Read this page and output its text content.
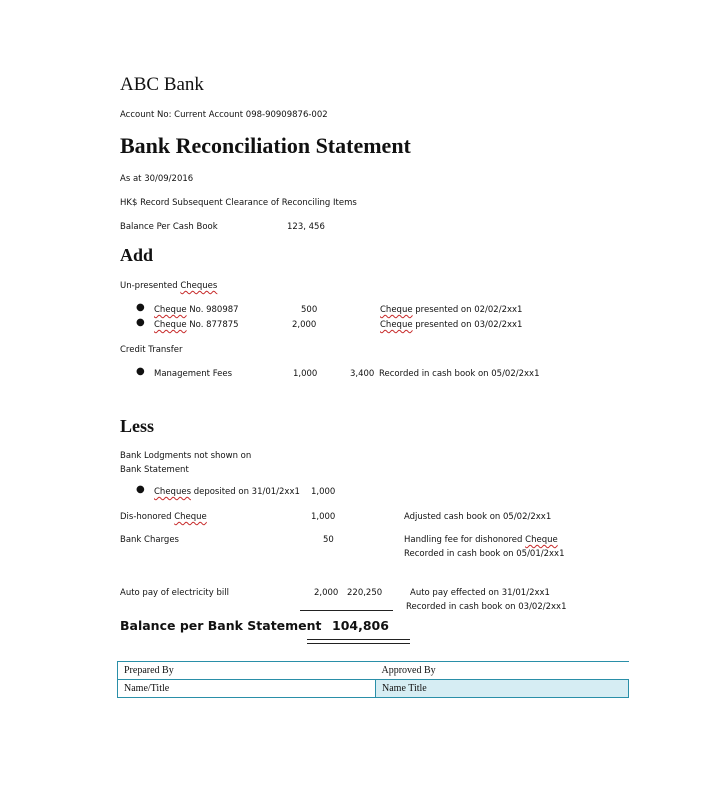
ABC Bank
Account No: Current Account 098-90909876-002
Bank Reconciliation Statement
As at 30/09/2016
HK$ Record Subsequent Clearance of Reconciling Items
Balance Per Cash Book	123, 456
Add
Un-presented Cheques
● Cheque No. 980987	500	Cheque presented on 02/02/2xx1
● Cheque No. 877875	2,000	Cheque presented on 03/02/2xx1
Credit Transfer
● Management Fees	1,000	3,400 Recorded in cash book on 05/02/2xx1
Less
Bank Lodgments not shown on
Bank Statement
● Cheques deposited on 31/01/2xx1 1,000
Dis-honored Cheque	1,000	Adjusted cash book on 05/02/2xx1
Bank Charges	50	Handling fee for dishonored Cheque
Recorded in cash book on 05/01/2xx1
Auto pay of electricity bill	2,000 220,250	Auto pay effected on 31/01/2xx1
Recorded in cash book on 03/02/2xx1
Balance per Bank Statement 104,806
Prepared By	Approved By
Name/Title	Name Title
